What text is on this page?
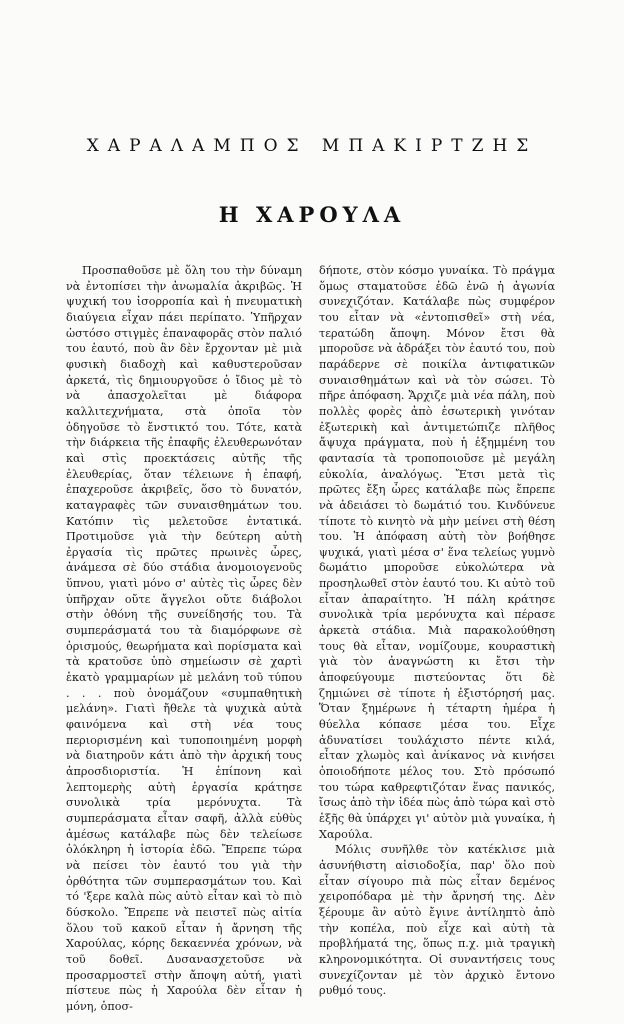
ΧΑΡΑΛΑΜΠΟΣ ΜΠΑΚΙΡΤΖΗΣ
Η ΧΑΡΟΥΛΑ

Προσπαθοῦσε μὲ ὅλη του τὴν δύναμη νὰ ἐντοπίσει τὴν ἀνωμαλία ἀκριβῶς. Ἡ ψυχική του ἰσορροπία καὶ ἡ πνευματικὴ διαύγεια εἶχαν πάει περίπατο. Ὑπῆρχαν ὡστόσο στιγμὲς ἐπαναφορᾶς στὸν παλιό του ἑαυτό, ποὺ ἂν δὲν ἔρχονταν μὲ μιὰ φυσικὴ διαδοχὴ καὶ καθυστεροῦσαν ἀρκετά, τὶς δημιουργοῦσε ὁ ἴδιος μὲ τὸ νὰ ἀπασχολεῖται μὲ διάφορα καλλιτεχνήματα, στὰ ὁποῖα τὸν ὁδηγοῦσε τὸ ἔνστικτό του. Τότε, κατὰ τὴν διάρκεια τῆς ἐπαφῆς ἐλευθερωνόταν καὶ στὶς προεκτάσεις αὐτῆς τῆς ἐλευθερίας, ὅταν τέλειωνε ἡ ἐπαφή, ἐπαχεροῦσε ἀκριβεῖς, ὅσο τὸ δυνατόν, καταγραφὲς τῶν συναισθημάτων του. Κατόπιν τὶς μελετοῦσε ἐντατικά. Προτιμοῦσε γιὰ τὴν δεύτερη αὐτὴ ἐργασία τὶς πρῶτες πρωινὲς ὧρες, ἀνάμεσα σὲ δύο στάδια ἀνομοιογενοῦς ὕπνου, γιατὶ μόνο σ' αὐτὲς τὶς ὧρες δὲν ὑπῆρχαν οὔτε ἄγγελοι οὔτε διάβολοι στὴν ὀθόνη τῆς συνείδησής του. Τὰ συμπεράσματά του τὰ διαμόρφωνε σὲ ὁρισμούς, θεωρήματα καὶ πορίσματα καὶ τὰ κρατοῦσε ὑπὸ σημείωσιν σὲ χαρτὶ ἑκατὸ γραμμαρίων μὲ μελάνη τοῦ τύπου . . . ποὺ ὀνομάζουν «συμπαθητικὴ μελάνη». Γιατὶ ἤθελε τὰ ψυχικὰ αὐτὰ φαινόμενα καὶ στὴ νέα τους περιορισμένη καὶ τυποποιημένη μορφὴ νὰ διατηροῦν κάτι ἀπὸ τὴν ἀρχική τους ἀπροσδιοριστία. Ἡ ἐπίπονη καὶ λεπτομερὴς αὐτὴ ἐργασία κράτησε συνολικὰ τρία μερόνυχτα. Τὰ συμπεράσματα εἶταν σαφῆ, ἀλλὰ εὐθὺς ἀμέσως κατάλαβε πὼς δὲν τελείωσε ὁλόκληρη ἡ ἱστορία ἐδῶ. Ἔπρεπε τώρα νὰ πείσει τὸν ἑαυτό του γιὰ τὴν ὀρθότητα τῶν συμπερασμάτων του. Καὶ τό 'ξερε καλὰ πὼς αὐτὸ εἶταν καὶ τὸ πιὸ δύσκολο. Ἔπρεπε νὰ πειστεῖ πὼς αἰτία ὅλου τοῦ κακοῦ εἶταν ἡ ἄρνηση τῆς Χαρούλας, κόρης δεκαεννέα χρόνων, νὰ τοῦ δοθεῖ. Δυσανασχετοῦσε νὰ προσαρμοστεῖ στὴν ἄποψη αὐτή, γιατὶ πίστευε πὼς ἡ Χαρούλα δὲν εἶταν ἡ μόνη, ὁποσ-

δήποτε, στὸν κόσμο γυναίκα. Τὸ πράγμα ὅμως σταματοῦσε ἐδῶ ἐνῶ ἡ ἀγωνία συνεχιζόταν. Κατάλαβε πὼς συμφέρον του εἶταν νὰ «ἐντοπισθεῖ» στὴ νέα, τερατώδη ἄποψη. Μόνον ἔτσι θὰ μποροῦσε νὰ ἀδράξει τὸν ἑαυτό του, ποὺ παράδερνε σὲ ποικίλα ἀντιφατικῶν συναισθημάτων καὶ νὰ τὸν σώσει. Τὸ πῆρε ἀπόφαση. Ἄρχιζε μιὰ νέα πάλη, ποὺ πολλὲς φορὲς ἀπὸ ἐσωτερικὴ γινόταν ἐξωτερικὴ καὶ ἀντιμετώπιζε πλῆθος ἄψυχα πράγματα, ποὺ ἡ ἐξημμένη του φαντασία τὰ τροποποιοῦσε μὲ μεγάλη εὐκολία, ἀναλόγως. Ἔτσι μετὰ τὶς πρῶτες ἔξη ὧρες κατάλαβε πὼς ἔπρεπε νὰ ἀδειάσει τὸ δωμάτιό του. Κινδύνευε τίποτε τὸ κινητὸ νὰ μὴν μείνει στὴ θέση του. Ἡ ἀπόφαση αὐτὴ τὸν βοήθησε ψυχικά, γιατὶ μέσα σ' ἕνα τελείως γυμνὸ δωμάτιο μποροῦσε εὐκολώτερα νὰ προσηλωθεῖ στὸν ἑαυτό του. Κι αὐτὸ τοῦ εἶταν ἀπαραίτητο. Ἡ πάλη κράτησε συνολικὰ τρία μερόνυχτα καὶ πέρασε ἀρκετὰ στάδια. Μιὰ παρακολούθηση τους θὰ εἶταν, νομίζουμε, κουραστικὴ γιὰ τὸν ἀναγνώστη κι ἔτσι τὴν ἀποφεύγουμε πιστεύοντας ὅτι δὲ ζημιώνει σὲ τίποτε ἡ ἐξιστόρησή μας. Ὅταν ξημέρωνε ἡ τέταρτη ἡμέρα ἡ θύελλα κόπασε μέσα του. Εἶχε ἀδυνατίσει τουλάχιστο πέντε κιλά, εἶταν χλωμὸς καὶ ἀνίκανος νὰ κινήσει ὁποιοδήποτε μέλος του. Στὸ πρόσωπό του τώρα καθρεφτιζόταν ἕνας πανικός, ἴσως ἀπὸ τὴν ἰδέα πὼς ἀπὸ τώρα καὶ στὸ ἑξῆς θὰ ὑπάρχει γι' αὐτὸν μιὰ γυναίκα, ἡ Χαρούλα.

Μόλις συνῆλθε τὸν κατέκλισε μιὰ ἀσυνήθιστη αἰσιοδοξία, παρ' ὅλο ποὺ εἶταν σίγουρο πιὰ πὼς εἶταν δεμένος χειροπόδαρα μὲ τὴν ἄρνησή της. Δὲν ξέρουμε ἂν αὐτὸ ἔγινε ἀντίληπτὸ ἀπὸ τὴν κοπέλα, ποὺ εἶχε καὶ αὐτὴ τὰ προβλήματά της, ὅπως π.χ. μιὰ τραγικὴ κληρονομικότητα. Οἱ συναντήσεις τους συνεχίζονταν μὲ τὸν ἀρχικὸ ἔντονο ρυθμό τους.
